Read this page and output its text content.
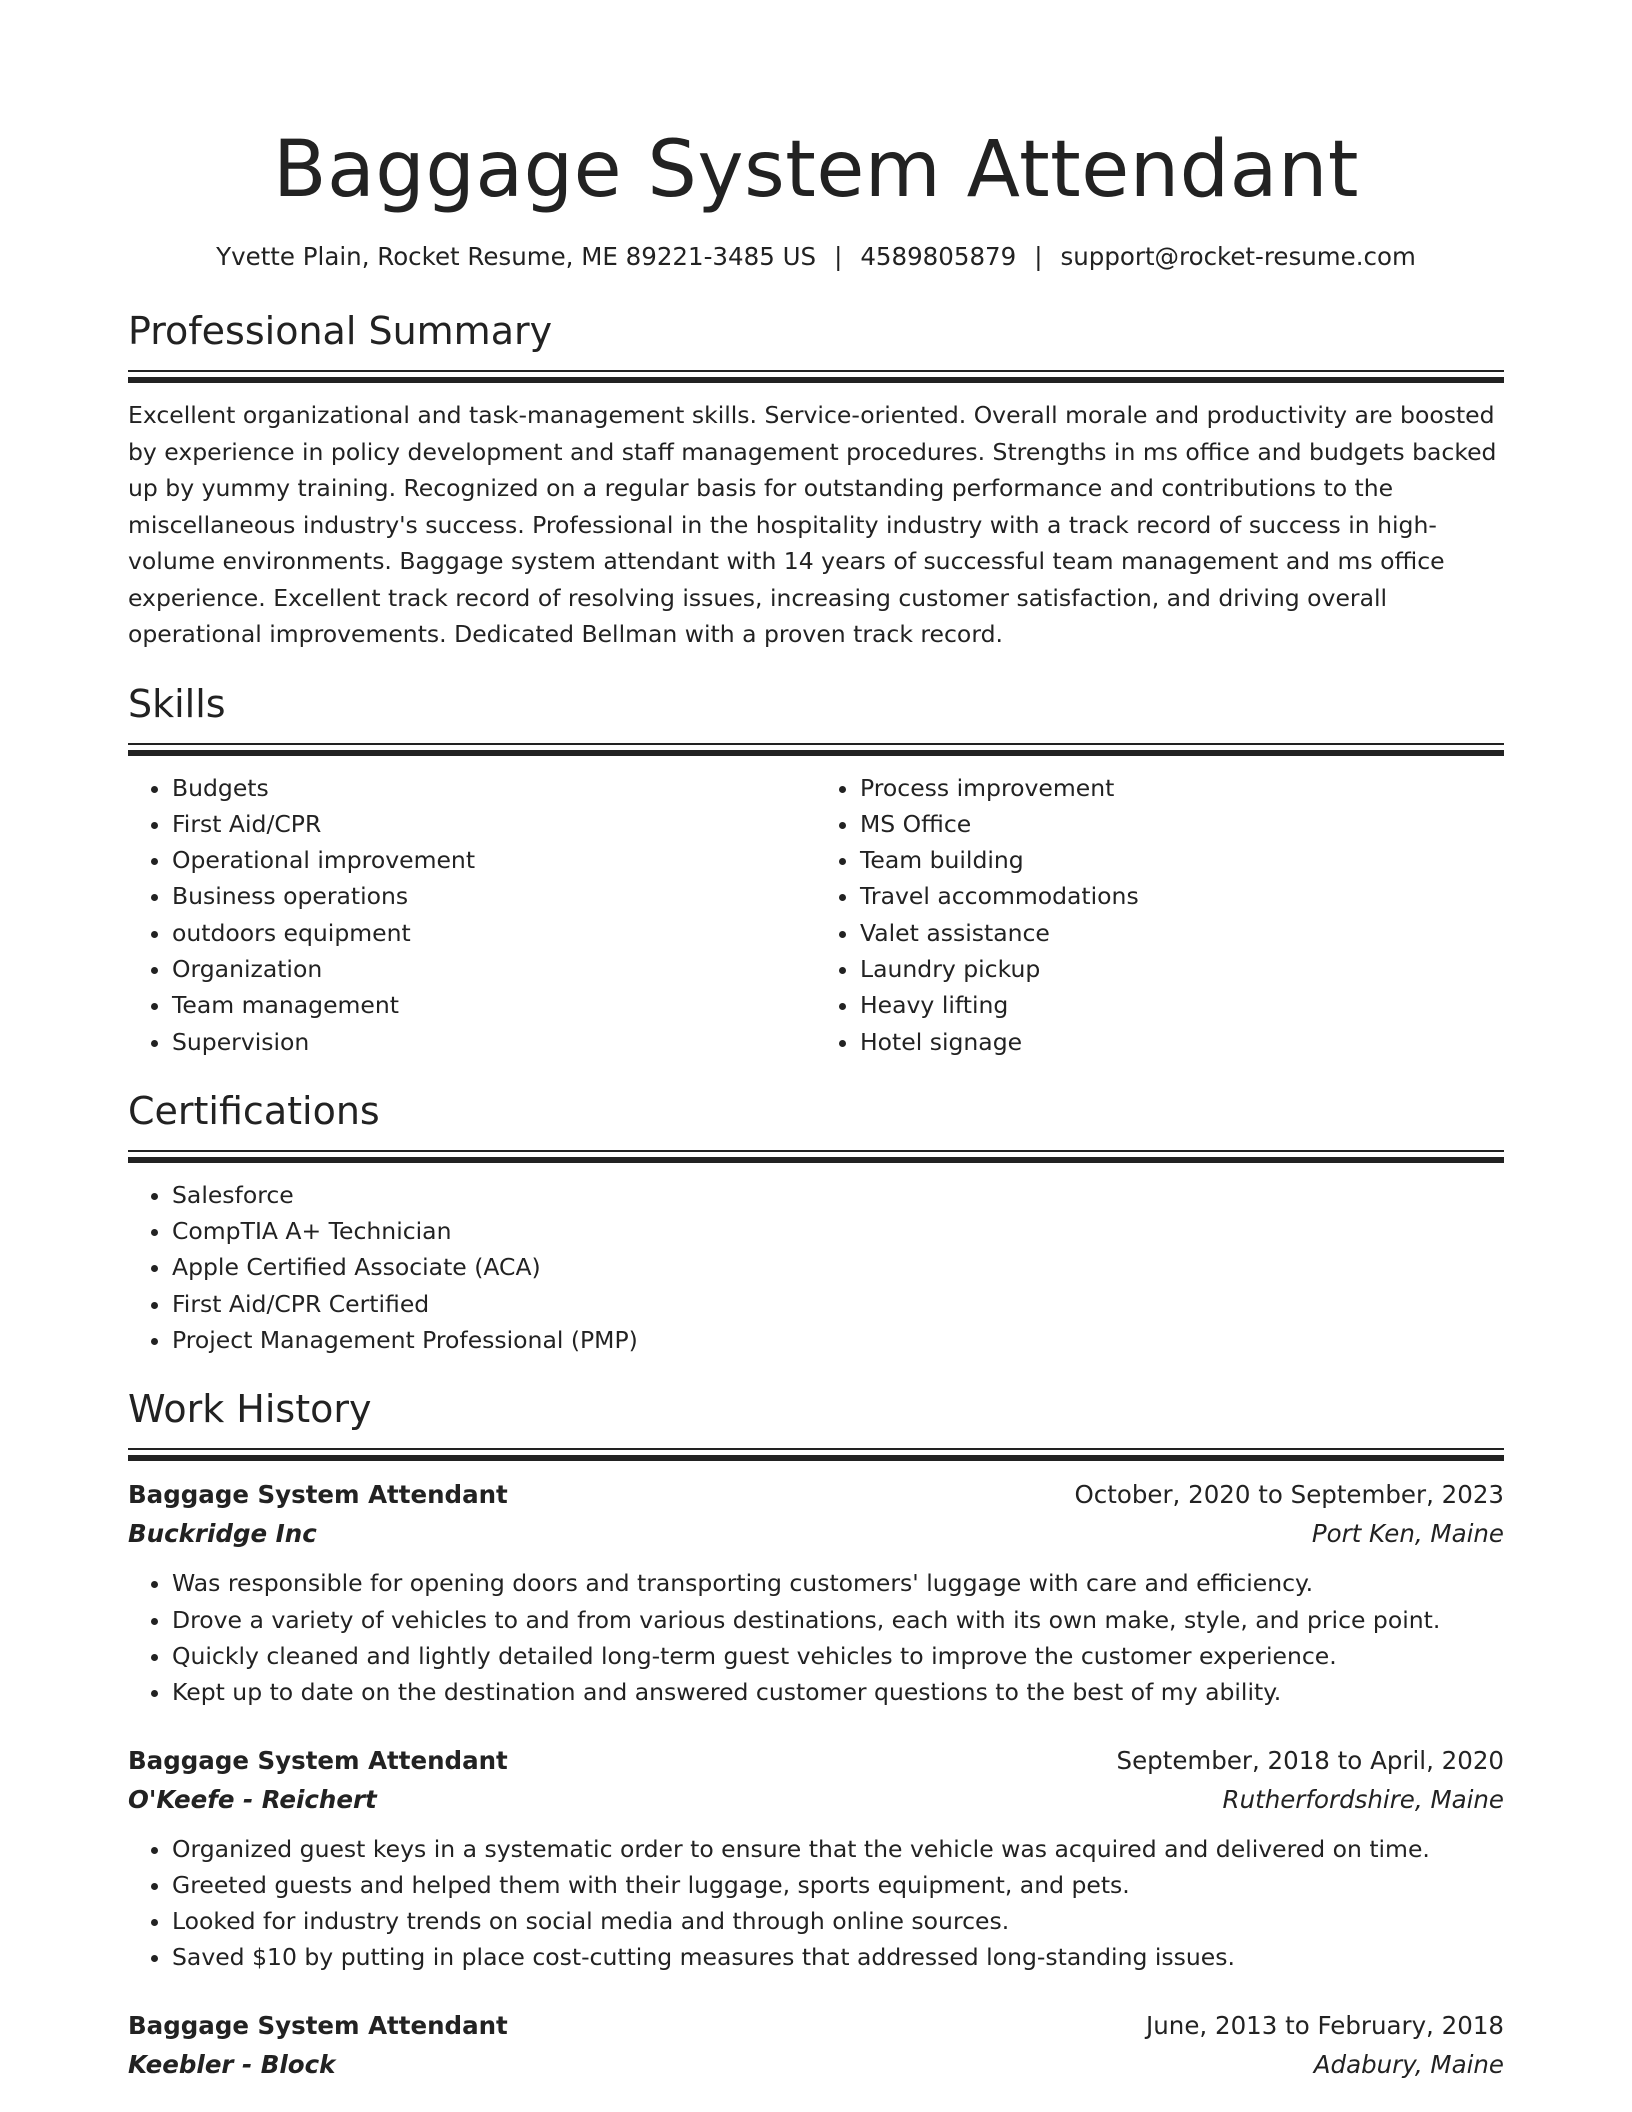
Baggage System Attendant
Yvette Plain, Rocket Resume, ME 89221-3485 US | 4589805879 | support@rocket-resume.com
Professional Summary

Excellent organizational and task-management skills. Service-oriented. Overall morale and productivity are boosted by experience in policy development and staff management procedures. Strengths in ms office and budgets backed up by yummy training. Recognized on a regular basis for outstanding performance and contributions to the miscellaneous industry's success. Professional in the hospitality industry with a track record of success in high-volume environments. Baggage system attendant with 14 years of successful team management and ms office experience. Excellent track record of resolving issues, increasing customer satisfaction, and driving overall operational improvements. Dedicated Bellman with a proven track record.

Skills
• Budgets
• First Aid/CPR
• Operational improvement
• Business operations
• outdoors equipment
• Organization
• Team management
• Supervision
• Process improvement
• MS Office
• Team building
• Travel accommodations
• Valet assistance
• Laundry pickup
• Heavy lifting
• Hotel signage
Certifications
• Salesforce
• CompTIA A+ Technician
• Apple Certified Associate (ACA)
• First Aid/CPR Certified
• Project Management Professional (PMP)
Work History
Baggage System Attendant	October, 2020 to September, 2023
Buckridge Inc	Port Ken, Maine
• Was responsible for opening doors and transporting customers' luggage with care and efficiency.
• Drove a variety of vehicles to and from various destinations, each with its own make, style, and price point.
• Quickly cleaned and lightly detailed long-term guest vehicles to improve the customer experience.
• Kept up to date on the destination and answered customer questions to the best of my ability.
Baggage System Attendant	September, 2018 to April, 2020
O'Keefe - Reichert	Rutherfordshire, Maine
• Organized guest keys in a systematic order to ensure that the vehicle was acquired and delivered on time.
• Greeted guests and helped them with their luggage, sports equipment, and pets.
• Looked for industry trends on social media and through online sources.
• Saved $10 by putting in place cost-cutting measures that addressed long-standing issues.
Baggage System Attendant	June, 2013 to February, 2018
Keebler - Block	Adabury, Maine
